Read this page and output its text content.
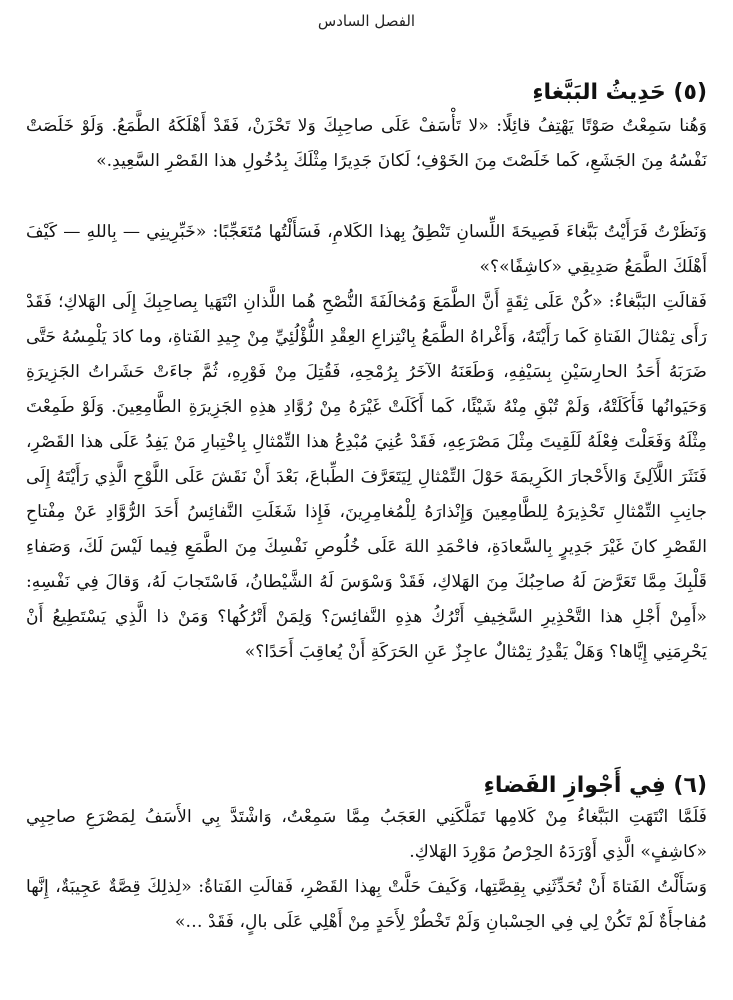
الفصل السادس
(٥) حَدِيثُ البَبَّغاءِ

وَهُنا سَمِعْتُ صَوْتًا يَهْتِفُ قائِلًا: «لا تَأْسَفْ عَلَى صاحِبِكَ وَلا تَحْزَنْ، فَقَدْ أَهْلَكَهُ الطَّمَعُ. وَلَوْ خَلَصَتْ نَفْسُهُ مِنَ الجَشَعِ، كَما خَلَصْتَ مِنَ الخَوْفِ؛ لَكانَ جَدِيرًا مِثْلَكَ بِدُخُولِ هذا القَصْرِ السَّعِيدِ.»

وَنَظَرْتُ فَرَأَيْتُ بَبَّغاءَ فَصِيحَةَ اللِّسانِ تَنْطِقُ بِهذا الكَلامِ، فَسَأَلْتُها مُتَعَجِّبًا: «خَبِّرِينِي — بِاللهِ — كَيْفَ أَهْلَكَ الطَّمَعُ صَدِيقِي «كاشِفًا»؟»

فَقالَتِ البَبَّغاءُ: «كُنْ عَلَى ثِقَةٍ أَنَّ الطَّمَعَ وَمُخالَفَةَ النُّصْحِ هُما اللَّذانِ انْتَهَيا بِصاحِبِكَ إِلَى الهَلاكِ؛ فَقَدْ رَأَى تِمْثالَ الفَتاةِ كَما رَأَيْتَهُ، وَأَغْراهُ الطَّمَعُ بِانْتِزاعِ العِقْدِ اللُّؤْلُئِيِّ مِنْ جِيدِ الفَتاةِ، وما كادَ يَلْمِسُهُ حَتَّى ضَرَبَهُ أَحَدُ الحارِسَيْنِ بِسَيْفِهِ، وَطَعَنَهُ الآخَرُ بِرُمْحِهِ، فَقُتِلَ مِنْ فَوْرِهِ، ثُمَّ جاءَتْ حَشَراتُ الجَزِيرَةِ وَحَيَوانُها فَأَكَلَتْهُ، وَلَمْ تُبْقِ مِنْهُ شَيْئًا، كَما أَكَلَتْ غَيْرَهُ مِنْ رُوَّادِ هذِهِ الجَزِيرَةِ الطَّامِعِينَ. وَلَوْ طَمِعْتَ مِثْلَهُ وَفَعَلْتَ فِعْلَهُ لَلَقِيتَ مِثْلَ مَصْرَعِهِ، فَقَدْ عُنِيَ مُبْدِعُ هذا التِّمْثالِ بِاخْتِبارِ مَنْ يَفِدُ عَلَى هذا القَصْرِ، فَنَثَرَ اللَّآلِئَ وَالأَحْجارَ الكَرِيمَةَ حَوْلَ التِّمْثالِ لِيَتَعَرَّفَ الطِّباعَ، بَعْدَ أَنْ نَقَشَ عَلَى اللَّوْحِ الَّذِي رَأَيْتَهُ إِلَى جانِبِ التِّمْثالِ تَحْذِيرَهُ لِلطَّامِعِينَ وَإِنْذارَهُ لِلْمُغامِرِينَ، فَإِذا شَغَلَتِ النَّفائِسُ أَحَدَ الرُّوَّادِ عَنْ مِفْتاحِ القَصْرِ كانَ غَيْرَ جَدِيرٍ بِالسَّعادَةِ، فاحْمَدِ اللهَ عَلَى خُلُوصِ نَفْسِكَ مِنَ الطَّمَعِ فِيما لَيْسَ لَكَ، وَصَفاءِ قَلْبِكَ مِمَّا تَعَرَّضَ لَهُ صاحِبُكَ مِنَ الهَلاكِ، فَقَدْ وَسْوَسَ لَهُ الشَّيْطانُ، فَاسْتَجابَ لَهُ، وَقالَ فِي نَفْسِهِ: «أَمِنْ أَجْلِ هذا التَّحْذِيرِ السَّخِيفِ أَتْرُكُ هذِهِ النَّفائِسَ؟ وَلِمَنْ أَتْرُكُها؟ وَمَنْ ذا الَّذِي يَسْتَطِيعُ أَنْ يَحْرِمَنِي إِيَّاها؟ وَهَلْ يَقْدِرُ تِمْثالٌ عاجِزٌ عَنِ الحَرَكَةِ أَنْ يُعاقِبَ أَحَدًا؟»

(٦) فِي أَجْوازِ الفَضاءِ

فَلَمَّا انْتَهَتِ البَبَّغاءُ مِنْ كَلامِها تَمَلَّكَنِي العَجَبُ مِمَّا سَمِعْتُ، وَاشْتَدَّ بِي الأَسَفُ لِمَصْرَعِ صاحِبِي «كاشِفٍ» الَّذِي أَوْرَدَهُ الحِرْصُ مَوْرِدَ الهَلاكِ.

وَسَأَلْتُ الفَتاةَ أَنْ تُحَدِّثَنِي بِقِصَّتِها، وَكَيفَ حَلَّتْ بِهذا القَصْرِ، فَقالَتِ الفَتاةُ: «لِذلِكَ قِصَّةٌ عَجِيبَةٌ، إِنَّها مُفاجأَةٌ لَمْ تَكُنْ لِي فِي الحِسْبانِ وَلَمْ تَخْطُرْ لِأَحَدٍ مِنْ أَهْلِي عَلَى بالٍ، فَقَدْ …»
